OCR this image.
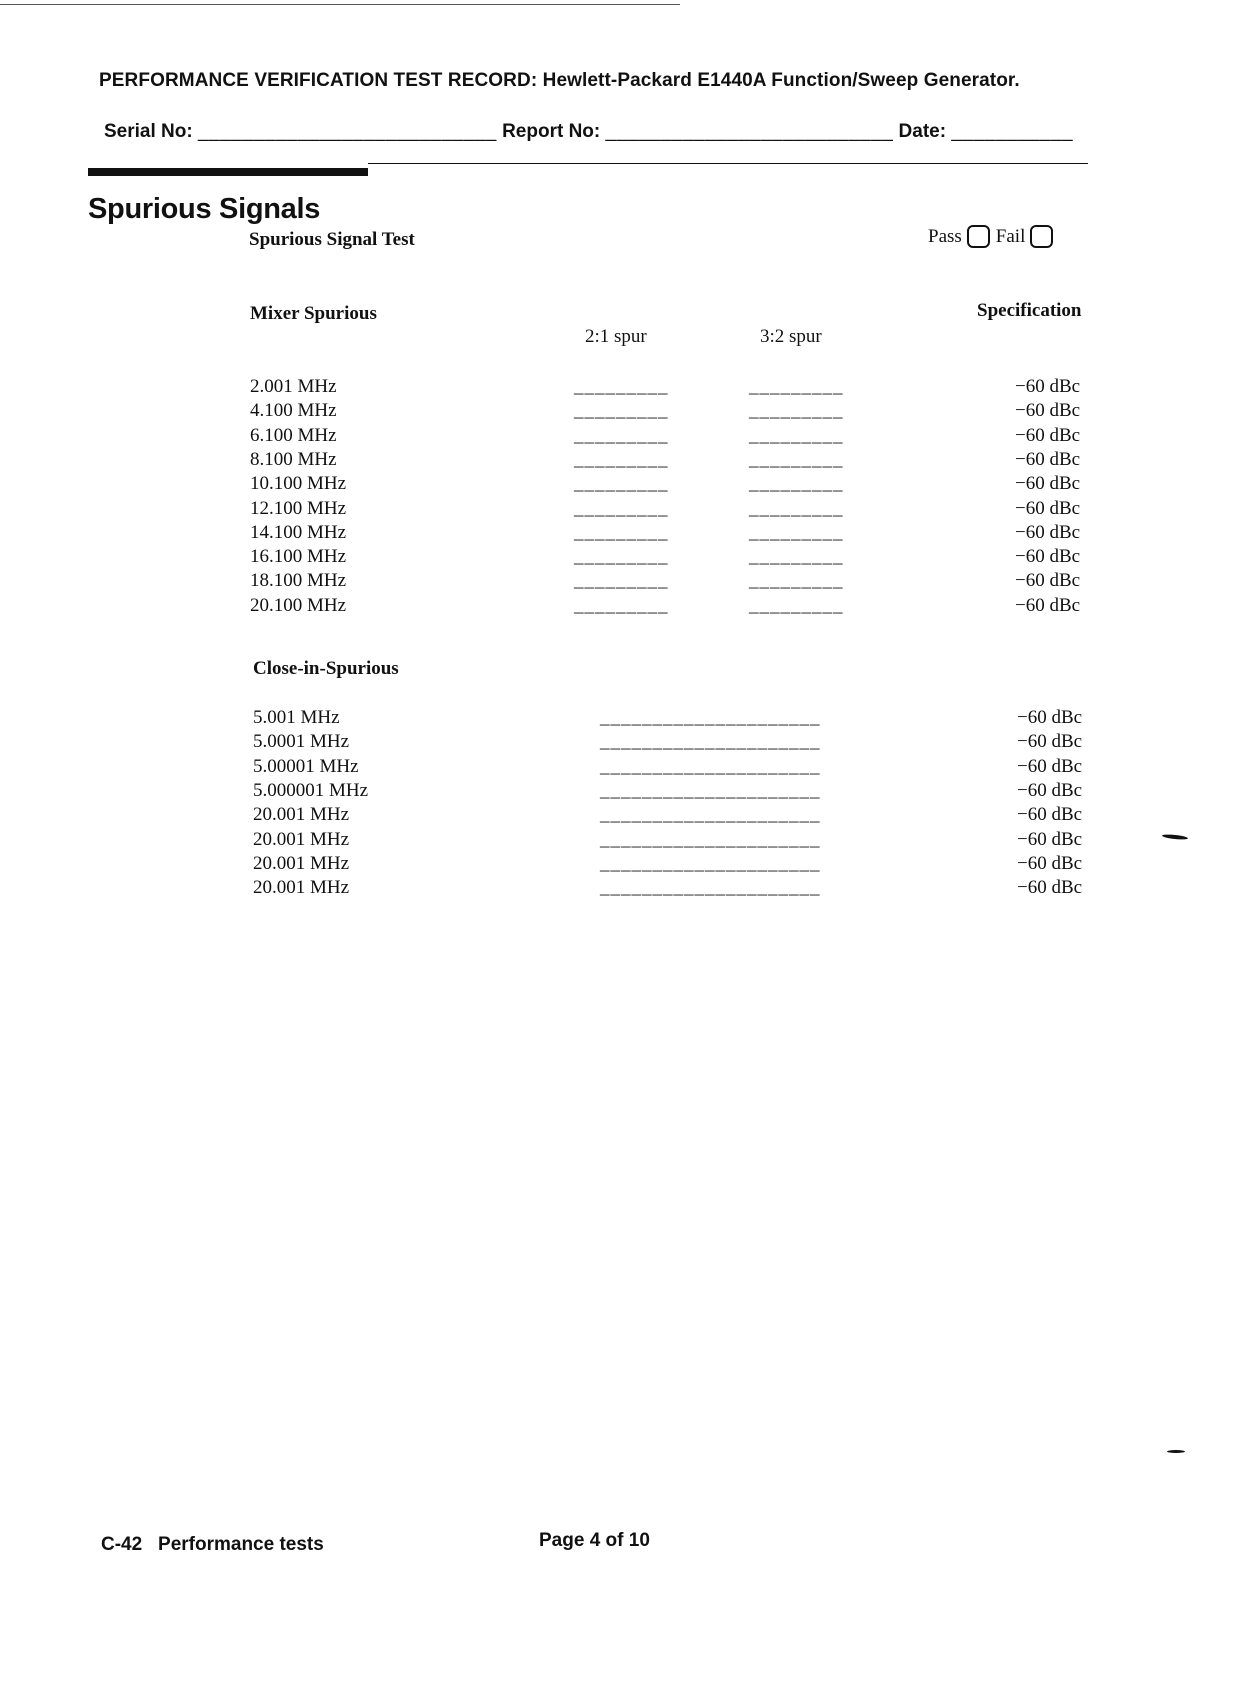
PERFORMANCE VERIFICATION TEST RECORD: Hewlett-Packard E1440A Function/Sweep Generator.
Serial No: ___________________________ Report No: __________________________ Date: ___________
Spurious Signals
Spurious Signal Test	Pass Fail
Specification
Mixer Spurious
2:1 spur	3:2 spur
2.001 MHz	_________	_________	−60 dBc
4.100 MHz	_________	_________	−60 dBc
6.100 MHz	_________	_________	−60 dBc
8.100 MHz	_________	_________	−60 dBc
10.100 MHz	_________	_________	−60 dBc
12.100 MHz	_________	_________	−60 dBc
14.100 MHz	_________	_________	−60 dBc
16.100 MHz	_________	_________	−60 dBc
18.100 MHz	_________	_________	−60 dBc
20.100 MHz	_________	_________	−60 dBc
Close-in-Spurious
5.001 MHz	_____________________	−60 dBc
5.0001 MHz	_____________________	−60 dBc
5.00001 MHz	_____________________	−60 dBc
5.000001 MHz	_____________________	−60 dBc
20.001 MHz	_____________________	−60 dBc
20.001 MHz	_____________________	−60 dBc
20.001 MHz	_____________________	−60 dBc
20.001 MHz	_____________________	−60 dBc
C-42   Performance tests	Page 4 of 10
